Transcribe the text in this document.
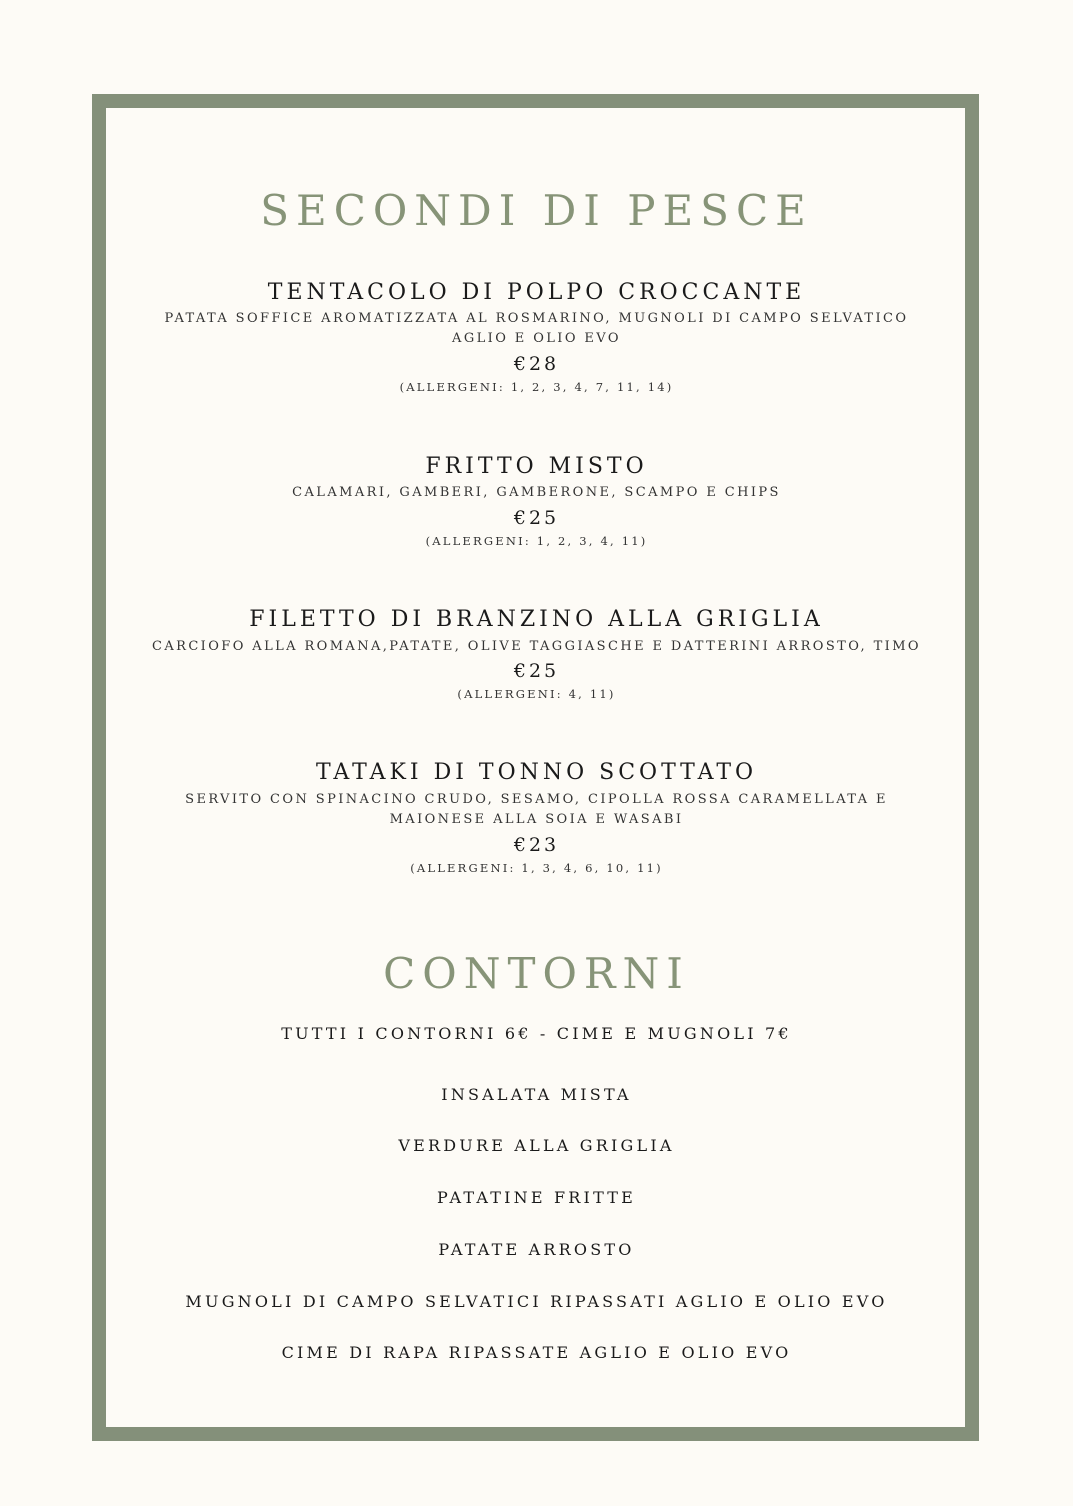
SECONDI DI PESCE
TENTACOLO DI POLPO CROCCANTE
PATATA SOFFICE AROMATIZZATA AL ROSMARINO, MUGNOLI DI CAMPO SELVATICO
AGLIO E OLIO EVO
€28
(ALLERGENI: 1, 2, 3, 4, 7, 11, 14)
FRITTO MISTO
CALAMARI, GAMBERI, GAMBERONE, SCAMPO E CHIPS
€25
(ALLERGENI: 1, 2, 3, 4, 11)
FILETTO DI BRANZINO ALLA GRIGLIA
CARCIOFO ALLA ROMANA,PATATE, OLIVE TAGGIASCHE E DATTERINI ARROSTO, TIMO
€25
(ALLERGENI: 4, 11)
TATAKI DI TONNO SCOTTATO
SERVITO CON SPINACINO CRUDO, SESAMO, CIPOLLA ROSSA CARAMELLATA E
MAIONESE ALLA SOIA E WASABI
€23
(ALLERGENI: 1, 3, 4, 6, 10, 11)
CONTORNI
TUTTI I CONTORNI 6€ - CIME E MUGNOLI 7€
INSALATA MISTA
VERDURE ALLA GRIGLIA
PATATINE FRITTE
PATATE ARROSTO
MUGNOLI DI CAMPO SELVATICI RIPASSATI AGLIO E OLIO EVO
CIME DI RAPA RIPASSATE AGLIO E OLIO EVO
